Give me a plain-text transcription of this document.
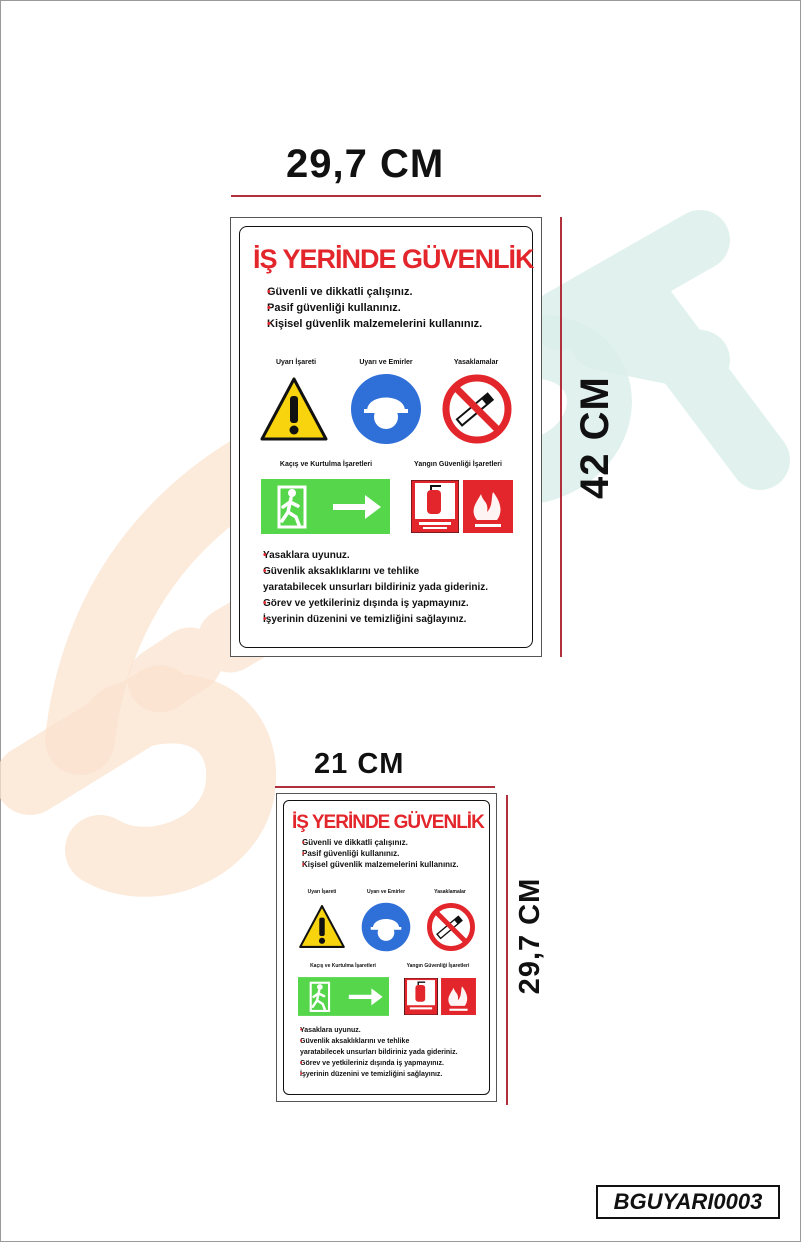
29,7 CM
42 CM
İŞ YERİNDE GÜVENLİK
• Güvenli ve dikkatli çalışınız.
• Pasif güvenliği kullanınız.
• Kişisel güvenlik malzemelerini kullanınız.
Uyarı İşareti	Uyarı ve Emirler	Yasaklamalar
Kaçış ve Kurtulma İşaretleri	Yangın Güvenliği İşaretleri
• Yasaklara uyunuz.
• Güvenlik aksaklıklarını ve tehlike
yaratabilecek unsurları bildiriniz yada gideriniz.
• Görev ve yetkileriniz dışında iş yapmayınız.
• İşyerinin düzenini ve temizliğini sağlayınız.
21 CM
29,7 CM
İŞ YERİNDE GÜVENLİK
• Güvenli ve dikkatli çalışınız.
• Pasif güvenliği kullanınız.
• Kişisel güvenlik malzemelerini kullanınız.
Uyarı İşareti	Uyarı ve Emirler	Yasaklamalar
Kaçış ve Kurtulma İşaretleri	Yangın Güvenliği İşaretleri
• Yasaklara uyunuz.
• Güvenlik aksaklıklarını ve tehlike
yaratabilecek unsurları bildiriniz yada gideriniz.
• Görev ve yetkileriniz dışında iş yapmayınız.
• İşyerinin düzenini ve temizliğini sağlayınız.
BGUYARI0003
